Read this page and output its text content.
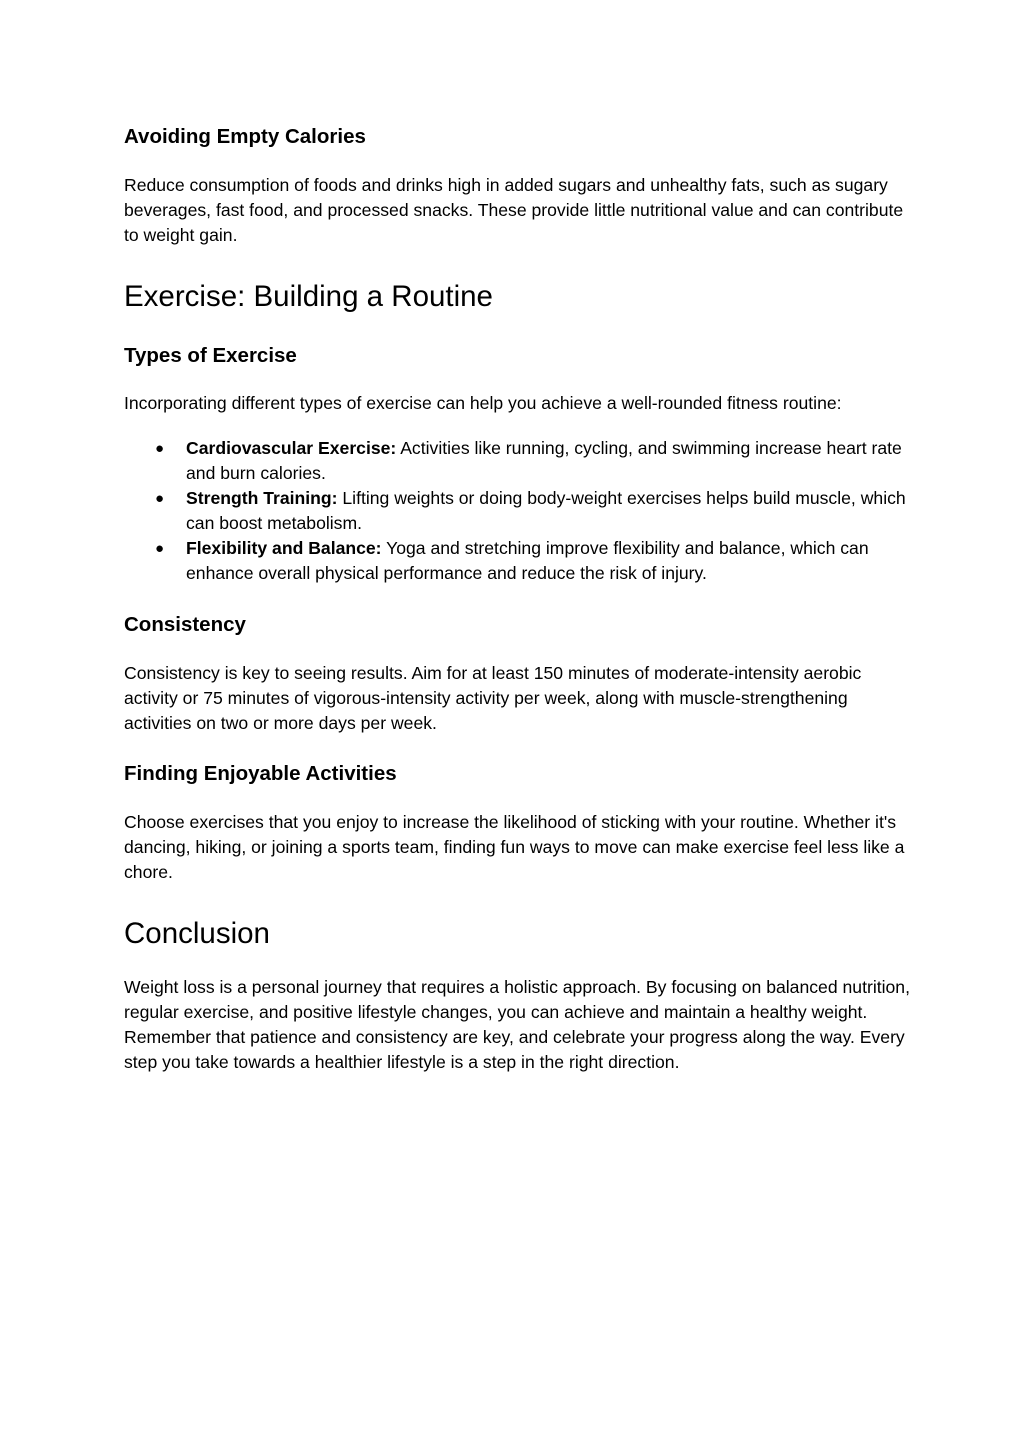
Avoiding Empty Calories

Reduce consumption of foods and drinks high in added sugars and unhealthy fats, such as sugary beverages, fast food, and processed snacks. These provide little nutritional value and can contribute to weight gain.

Exercise: Building a Routine
Types of Exercise

Incorporating different types of exercise can help you achieve a well-rounded fitness routine:

● Cardiovascular Exercise: Activities like running, cycling, and swimming increase heart rate and burn calories.
● Strength Training: Lifting weights or doing body-weight exercises helps build muscle, which can boost metabolism.
● Flexibility and Balance: Yoga and stretching improve flexibility and balance, which can enhance overall physical performance and reduce the risk of injury.
Consistency

Consistency is key to seeing results. Aim for at least 150 minutes of moderate-intensity aerobic activity or 75 minutes of vigorous-intensity activity per week, along with muscle-strengthening activities on two or more days per week.

Finding Enjoyable Activities

Choose exercises that you enjoy to increase the likelihood of sticking with your routine. Whether it's dancing, hiking, or joining a sports team, finding fun ways to move can make exercise feel less like a chore.

Conclusion

Weight loss is a personal journey that requires a holistic approach. By focusing on balanced nutrition, regular exercise, and positive lifestyle changes, you can achieve and maintain a healthy weight. Remember that patience and consistency are key, and celebrate your progress along the way. Every step you take towards a healthier lifestyle is a step in the right direction.
